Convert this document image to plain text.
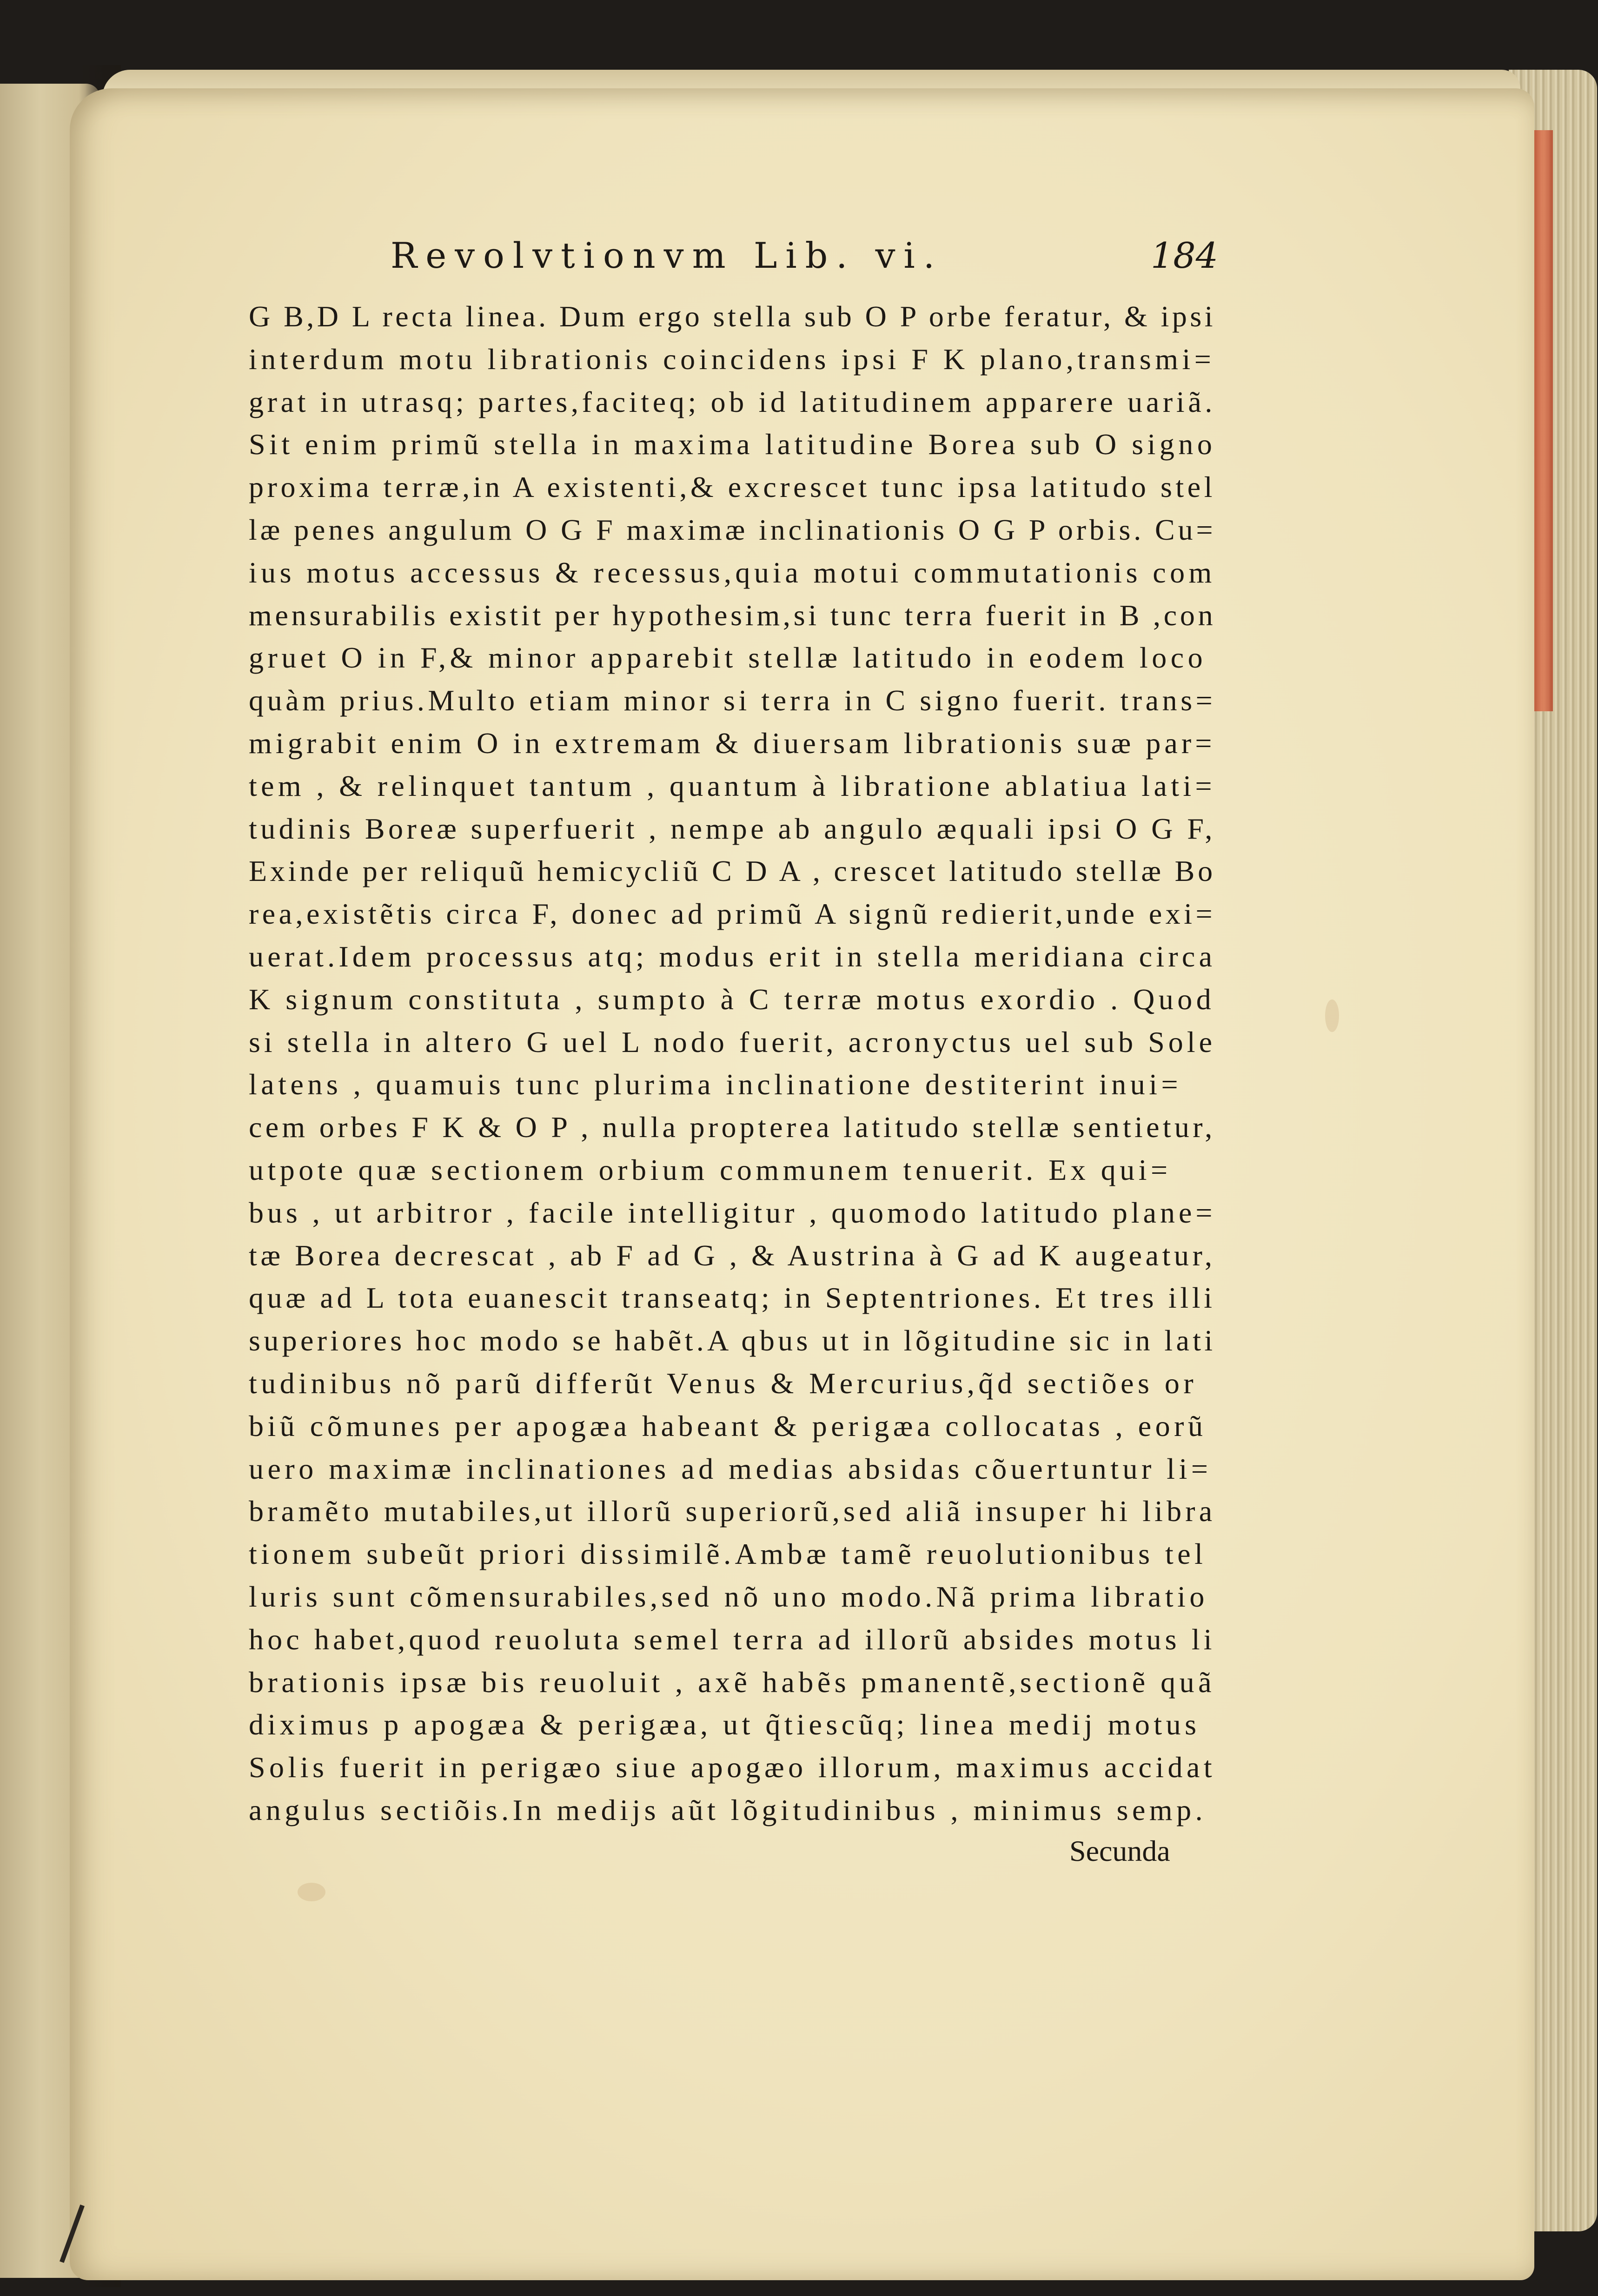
Revolvtionvm Lib. vi.	184
G B,D L recta linea. Dum ergo stella sub O P orbe feratur, & ipsi
interdum motu librationis coincidens ipsi F K plano,transmi=
grat in utrasq; partes,faciteq; ob id latitudinem apparere uariã.
Sit enim primũ stella in maxima latitudine Borea sub O signo
proxima terræ,in A existenti,& excrescet tunc ipsa latitudo stel
læ penes angulum O G F maximæ inclinationis O G P orbis. Cu=
ius motus accessus & recessus,quia motui commutationis com
mensurabilis existit per hypothesim,si tunc terra fuerit in B ,con
gruet O in F,& minor apparebit stellæ latitudo in eodem loco
quàm prius.Multo etiam minor si terra in C signo fuerit. trans=
migrabit enim O in extremam & diuersam librationis suæ par=
tem , & relinquet tantum , quantum à libratione ablatiua lati=
tudinis Boreæ superfuerit , nempe ab angulo æquali ipsi O G F,
Exinde per reliquũ hemicycliũ C D A , crescet latitudo stellæ Bo
rea,existẽtis circa F, donec ad primũ A signũ redierit,unde exi=
uerat.Idem processus atq; modus erit in stella meridiana circa
K signum constituta , sumpto à C terræ motus exordio . Quod
si stella in altero G uel L nodo fuerit, acronyctus uel sub Sole
latens , quamuis tunc plurima inclinatione destiterint inui=
cem orbes F K & O P , nulla propterea latitudo stellæ sentietur,
utpote quæ sectionem orbium communem tenuerit. Ex qui=
bus , ut arbitror , facile intelligitur , quomodo latitudo plane=
tæ Borea decrescat , ab F ad G , & Austrina à G ad K augeatur,
quæ ad L tota euanescit transeatq; in Septentriones. Et tres illi
superiores hoc modo se habẽt.A qbus ut in lõgitudine sic in lati
tudinibus nõ parũ differũt Venus & Mercurius,q̃d sectiões or
biũ cõmunes per apogæa habeant & perigæa collocatas , eorũ
uero maximæ inclinationes ad medias absidas cõuertuntur li=
bramẽto mutabiles,ut illorũ superiorũ,sed aliã insuper hi libra
tionem subeũt priori dissimilẽ.Ambæ tamẽ reuolutionibus tel
luris sunt cõmensurabiles,sed nõ uno modo.Nã prima libratio
hoc habet,quod reuoluta semel terra ad illorũ absides motus li
brationis ipsæ bis reuoluit , axẽ habẽs pmanentẽ,sectionẽ quã
diximus p apogæa & perigæa, ut q̃tiescũq; linea medij motus
Solis fuerit in perigæo siue apogæo illorum, maximus accidat
angulus sectiõis.In medijs aũt lõgitudinibus , minimus semp.
Secunda
